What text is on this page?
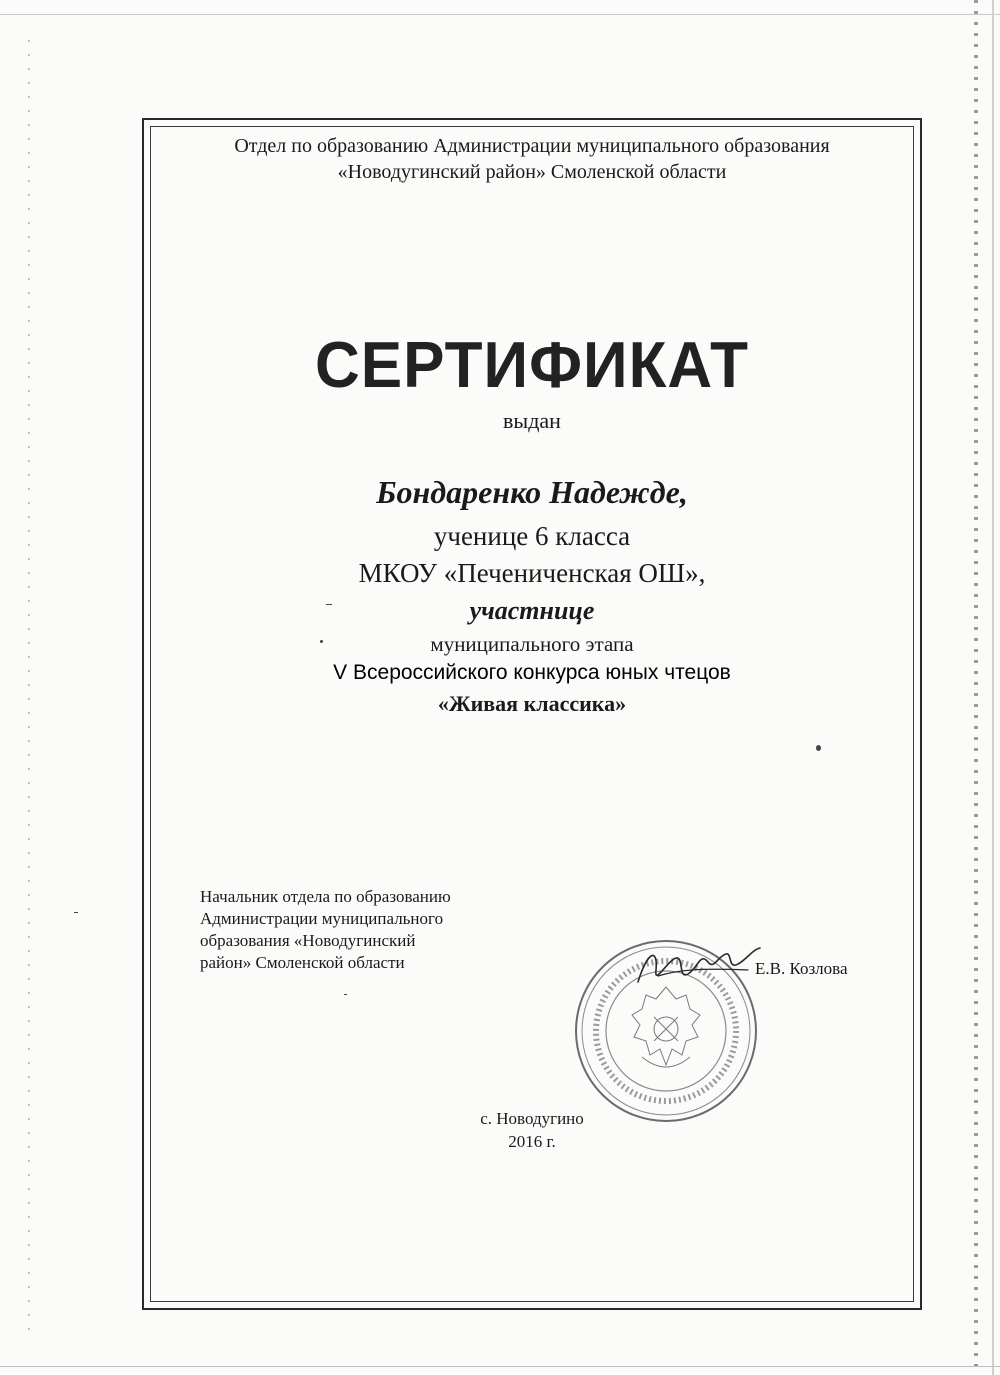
Отдел по образованию Администрации муниципального образования
«Новодугинский район» Смоленской области
СЕРТИФИКАТ
выдан
Бондаренко Надежде,
ученице 6 класса
МКОУ «Печениченская ОШ»,
участнице
муниципального этапа
V Всероссийского конкурса юных чтецов
«Живая классика»
Начальник отдела по образованию
Администрации муниципального
образования «Новодугинский
район» Смоленской области	Е.В. Козлова
с. Новодугино
2016 г.
